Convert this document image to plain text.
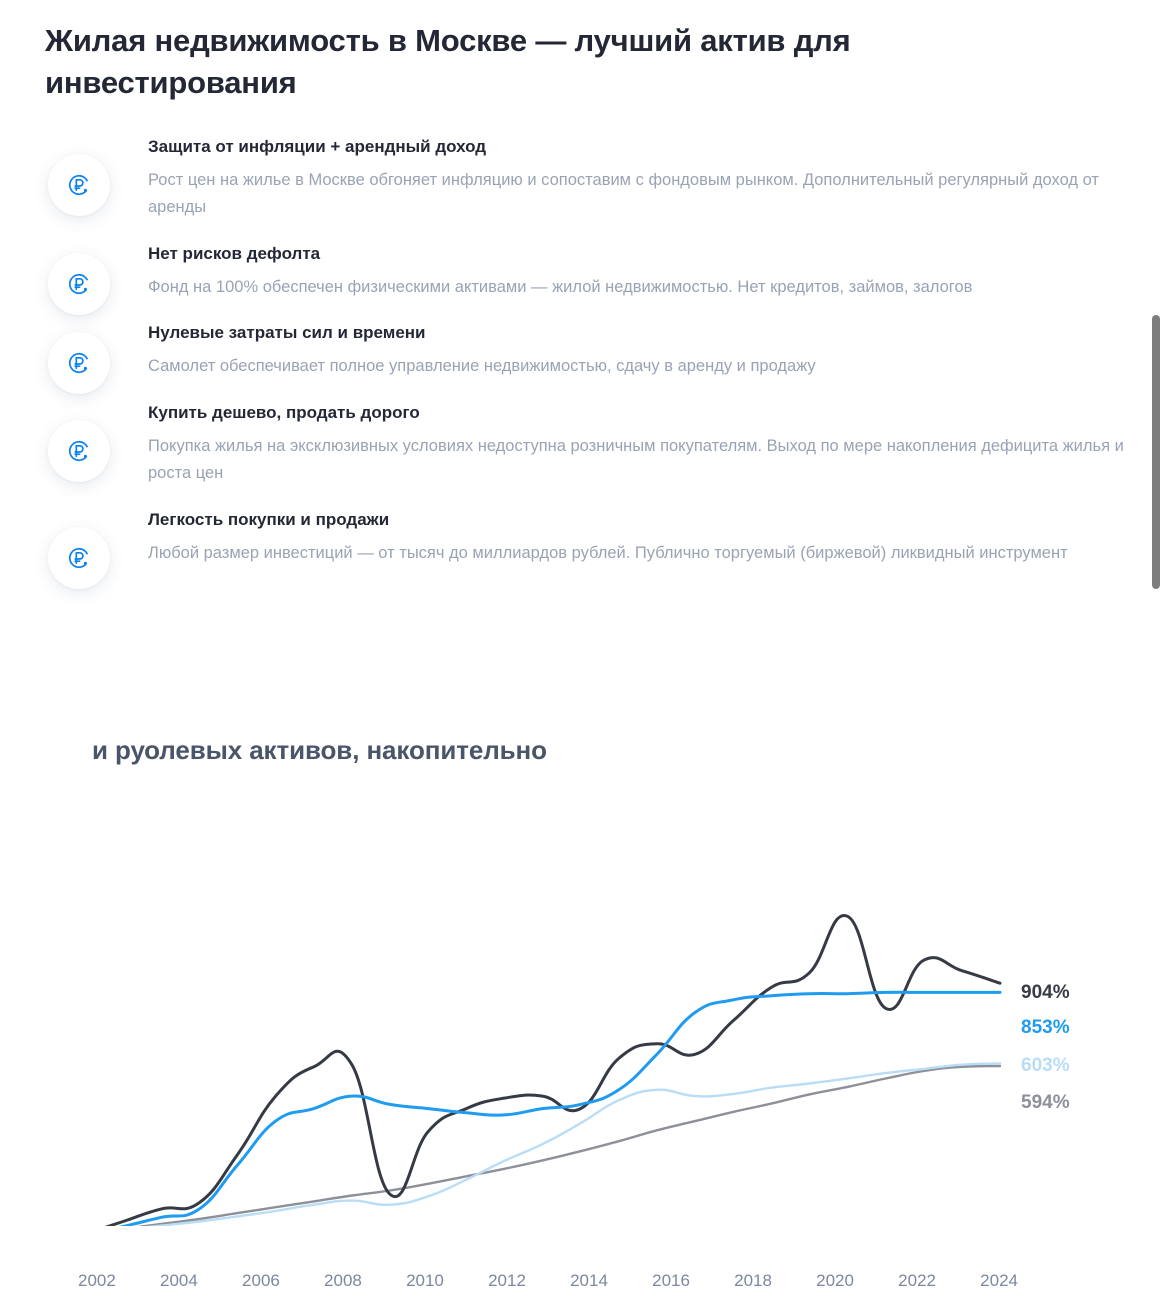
Жилая недвижимость в Москве — лучший актив для инвестирования

Защита от инфляции + арендный доход

Рост цен на жилье в Москве обгоняет инфляцию и сопоставим с фондовым рынком. Дополнительный регулярный доход от аренды

Нет рисков дефолта

Фонд на 100% обеспечен физическими активами — жилой недвижимостью. Нет кредитов, займов, залогов

Нулевые затраты сил и времени

Самолет обеспечивает полное управление недвижимостью, сдачу в аренду и продажу

Купить дешево, продать дорого

Покупка жилья на эксклюзивных условиях недоступна розничным покупателям. Выход по мере накопления дефицита жилья и роста цен

Легкость покупки и продажи

Любой размер инвестиций — от тысяч до миллиардов рублей. Публично торгуемый (биржевой) ликвидный инструмент

и руолевых активов, накопительно
2002	2004	2006	2008	2010	2012	2014	2016	2018	2020	2022	2024
904%
853%
603%
594%
